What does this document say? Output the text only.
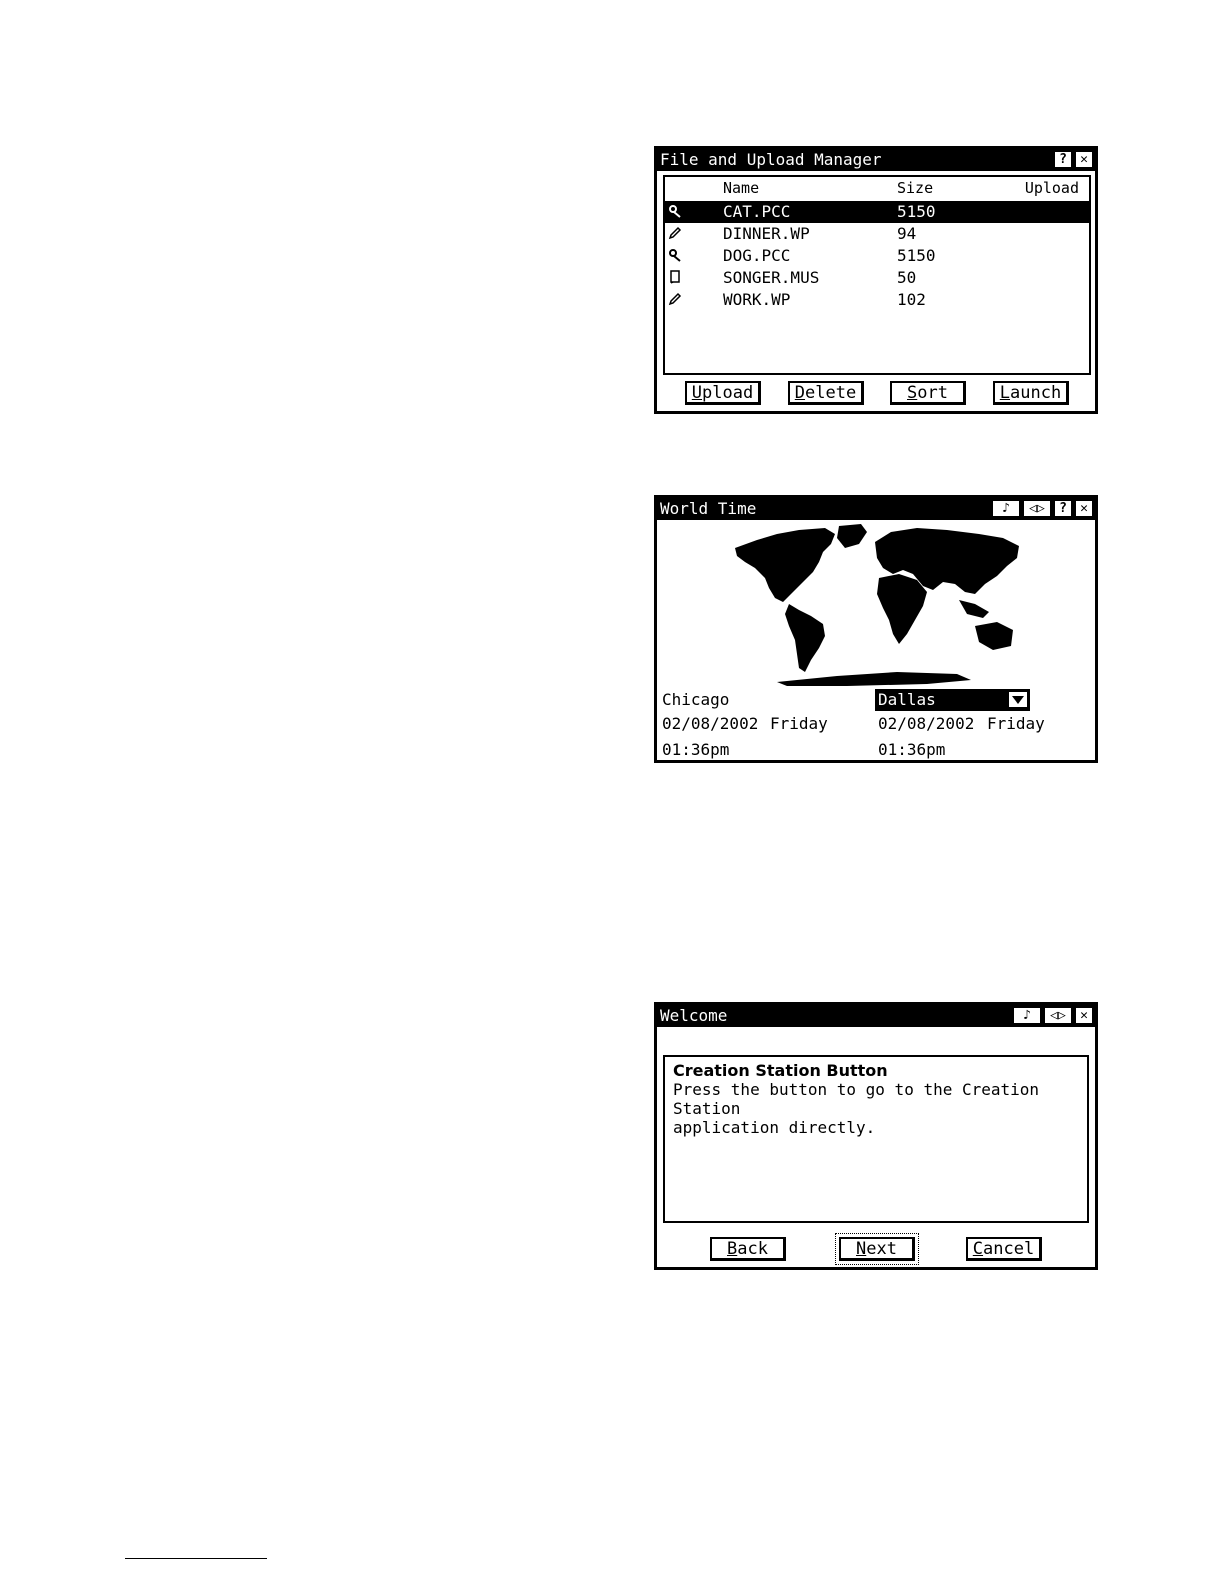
File and Upload Manager	?	✕
Name	Size	Upload
CAT.PCC	5150
DINNER.WP	94
DOG.PCC	5150
SONGER.MUS	50
WORK.WP	102
Upload	Delete	Sort	Launch
World Time	♪	◁▷	?	✕
Chicago	Dallas
02/08/2002 Friday	02/08/2002 Friday
01:36pm	01:36pm
Welcome	♪	◁▷	✕
Creation Station Button
Press the button to go to the Creation Station
application directly.
Back	Next	Cancel
